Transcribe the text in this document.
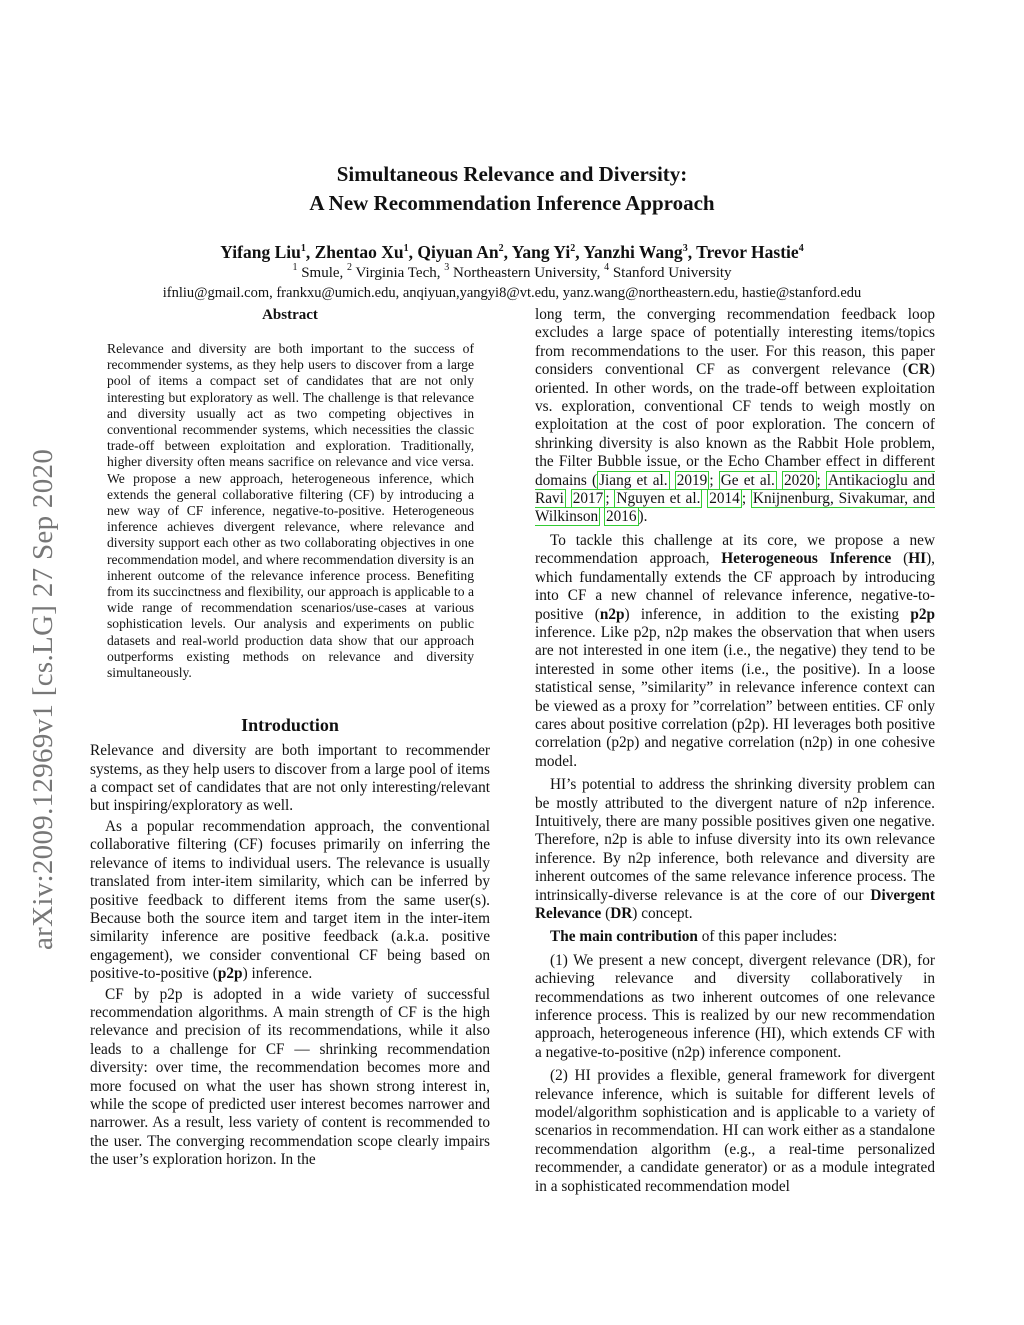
arXiv:2009.12969v1 [cs.LG] 27 Sep 2020
Simultaneous Relevance and Diversity:
A New Recommendation Inference Approach
Yifang Liu$^1$, Zhentao Xu$^1$, Qiyuan An$^2$, Yang Yi$^2$, Yanzhi Wang$^3$, Trevor Hastie$^4$
$^1$ Smule, $^2$ Virginia Tech, $^3$ Northeastern University, $^4$ Stanford University
ifnliu@gmail.com, frankxu@umich.edu, anqiyuan,yangyi8@vt.edu, yanz.wang@northeastern.edu, hastie@stanford.edu
Abstract
Relevance and diversity are both important to the success of recommender systems, as they help users to discover from a large pool of items a compact set of candidates that are not only interesting but exploratory as well. The challenge is that relevance and diversity usually act as two competing objectives in conventional recommender systems, which necessities the classic trade-off between exploitation and exploration. Traditionally, higher diversity often means sacrifice on relevance and vice versa. We propose a new approach, heterogeneous inference, which extends the general collaborative filtering (CF) by introducing a new way of CF inference, negative-to-positive. Heterogeneous inference achieves divergent relevance, where relevance and diversity support each other as two collaborating objectives in one recommendation model, and where recommendation diversity is an inherent outcome of the relevance inference process. Benefiting from its succinctness and flexibility, our approach is applicable to a wide range of recommendation scenarios/use-cases at various sophistication levels. Our analysis and experiments on public datasets and real-world production data show that our approach outperforms existing methods on relevance and diversity simultaneously.
Introduction

Relevance and diversity are both important to recommender systems, as they help users to discover from a large pool of items a compact set of candidates that are not only interesting/relevant but inspiring/exploratory as well.

As a popular recommendation approach, the conventional collaborative filtering (CF) focuses primarily on inferring the relevance of items to individual users. The relevance is usually translated from inter-item similarity, which can be inferred by positive feedback to different items from the same user(s). Because both the source item and target item in the inter-item similarity inference are positive feedback (a.k.a. positive engagement), we consider conventional CF being based on positive-to-positive (p2p) inference.

CF by p2p is adopted in a wide variety of successful recommendation algorithms. A main strength of CF is the high relevance and precision of its recommendations, while it also leads to a challenge for CF — shrinking recommendation diversity: over time, the recommendation becomes more and more focused on what the user has shown strong interest in, while the scope of predicted user interest becomes narrower and narrower. As a result, less variety of content is recommended to the user. The converging recommendation scope clearly impairs the user’s exploration horizon. In the

long term, the converging recommendation feedback loop excludes a large space of potentially interesting items/topics from recommendations to the user. For this reason, this paper considers conventional CF as convergent relevance (CR) oriented. In other words, on the trade-off between exploitation vs. exploration, conventional CF tends to weigh mostly on exploitation at the cost of poor exploration. The concern of shrinking diversity is also known as the Rabbit Hole problem, the Filter Bubble issue, or the Echo Chamber effect in different domains ( Jiang et al. 2019 ; Ge et al. 2020 ; Antikacioglu and Ravi 2017 ; Nguyen et al. 2014 ; Knijnenburg, Sivakumar, and Wilkinson 2016 ).

To tackle this challenge at its core, we propose a new recommendation approach, Heterogeneous Inference (HI), which fundamentally extends the CF approach by introducing into CF a new channel of relevance inference, negative-to-positive (n2p) inference, in addition to the existing p2p inference. Like p2p, n2p makes the observation that when users are not interested in one item (i.e., the negative) they tend to be interested in some other items (i.e., the positive). In a loose statistical sense, ”similarity” in relevance inference context can be viewed as a proxy for ”correlation” between entities. CF only cares about positive correlation (p2p). HI leverages both positive correlation (p2p) and negative correlation (n2p) in one cohesive model.

HI’s potential to address the shrinking diversity problem can be mostly attributed to the divergent nature of n2p inference. Intuitively, there are many possible positives given one negative. Therefore, n2p is able to infuse diversity into its own relevance inference. By n2p inference, both relevance and diversity are inherent outcomes of the same relevance inference process. The intrinsically-diverse relevance is at the core of our Divergent Relevance (DR) concept.

The main contribution of this paper includes:

(1) We present a new concept, divergent relevance (DR), for achieving relevance and diversity collaboratively in recommendations as two inherent outcomes of one relevance inference process. This is realized by our new recommendation approach, heterogeneous inference (HI), which extends CF with a negative-to-positive (n2p) inference component.

(2) HI provides a flexible, general framework for divergent relevance inference, which is suitable for different levels of model/algorithm sophistication and is applicable to a variety of scenarios in recommendation. HI can work either as a standalone recommendation algorithm (e.g., a real-time personalized recommender, a candidate generator) or as a module integrated in a sophisticated recommendation model
